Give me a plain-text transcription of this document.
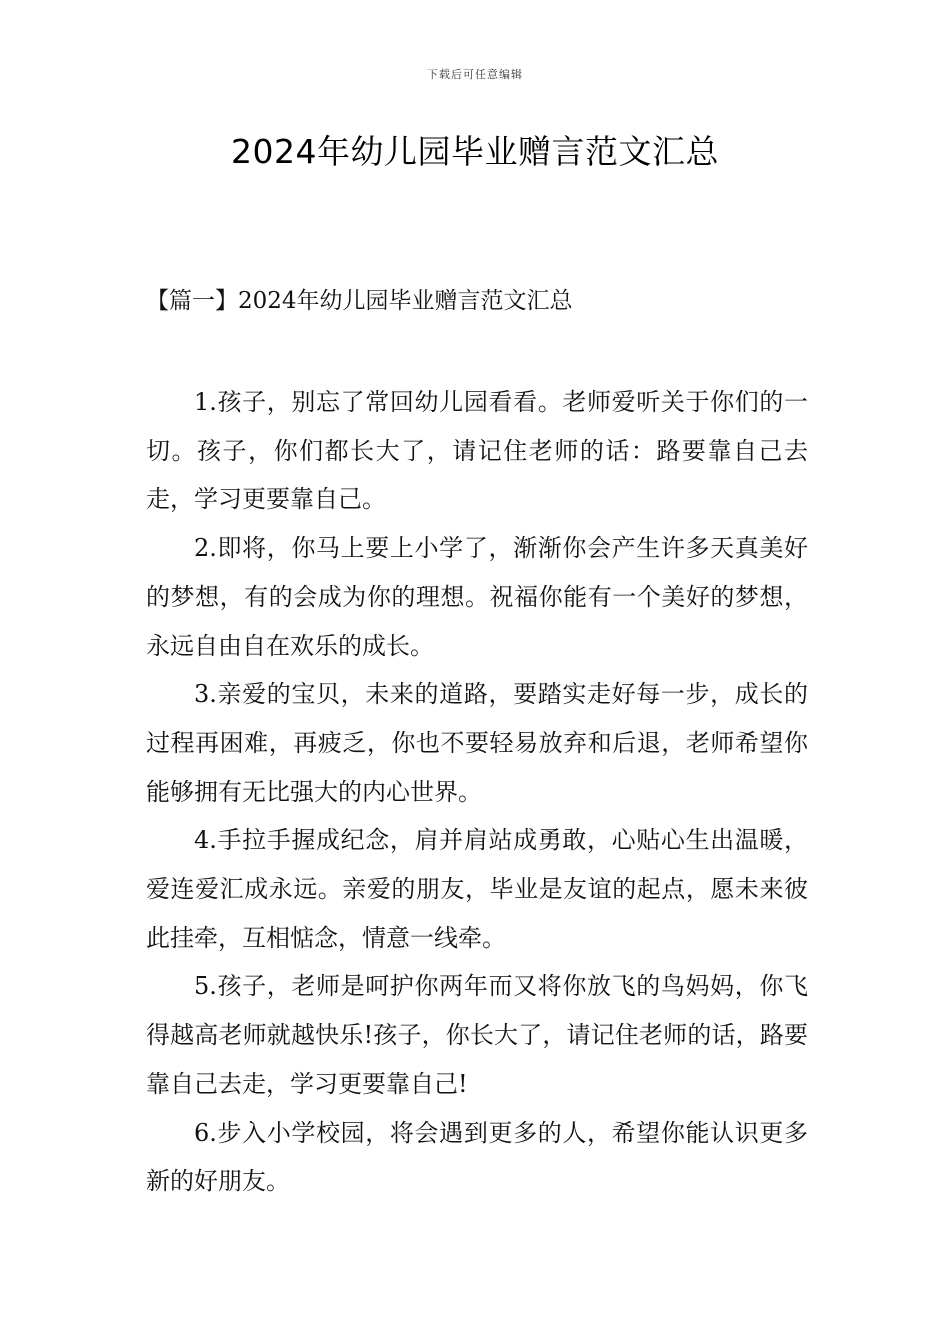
下载后可任意编辑
2024年幼儿园毕业赠言范文汇总
【篇一】2024年幼儿园毕业赠言范文汇总

1.孩子，别忘了常回幼儿园看看。老师爱听关于你们的一切。孩子，你们都长大了，请记住老师的话：路要靠自己去走，学习更要靠自己。

2.即将，你马上要上小学了，渐渐你会产生许多天真美好的梦想，有的会成为你的理想。祝福你能有一个美好的梦想，永远自由自在欢乐的成长。

3.亲爱的宝贝，未来的道路，要踏实走好每一步，成长的过程再困难，再疲乏，你也不要轻易放弃和后退，老师希望你能够拥有无比强大的内心世界。

4.手拉手握成纪念，肩并肩站成勇敢，心贴心生出温暖，爱连爱汇成永远。亲爱的朋友，毕业是友谊的起点，愿未来彼此挂牵，互相惦念，情意一线牵。

5.孩子，老师是呵护你两年而又将你放飞的鸟妈妈，你飞得越高老师就越快乐!孩子，你长大了，请记住老师的话，路要靠自己去走，学习更要靠自己!

6.步入小学校园，将会遇到更多的人，希望你能认识更多新的好朋友。
